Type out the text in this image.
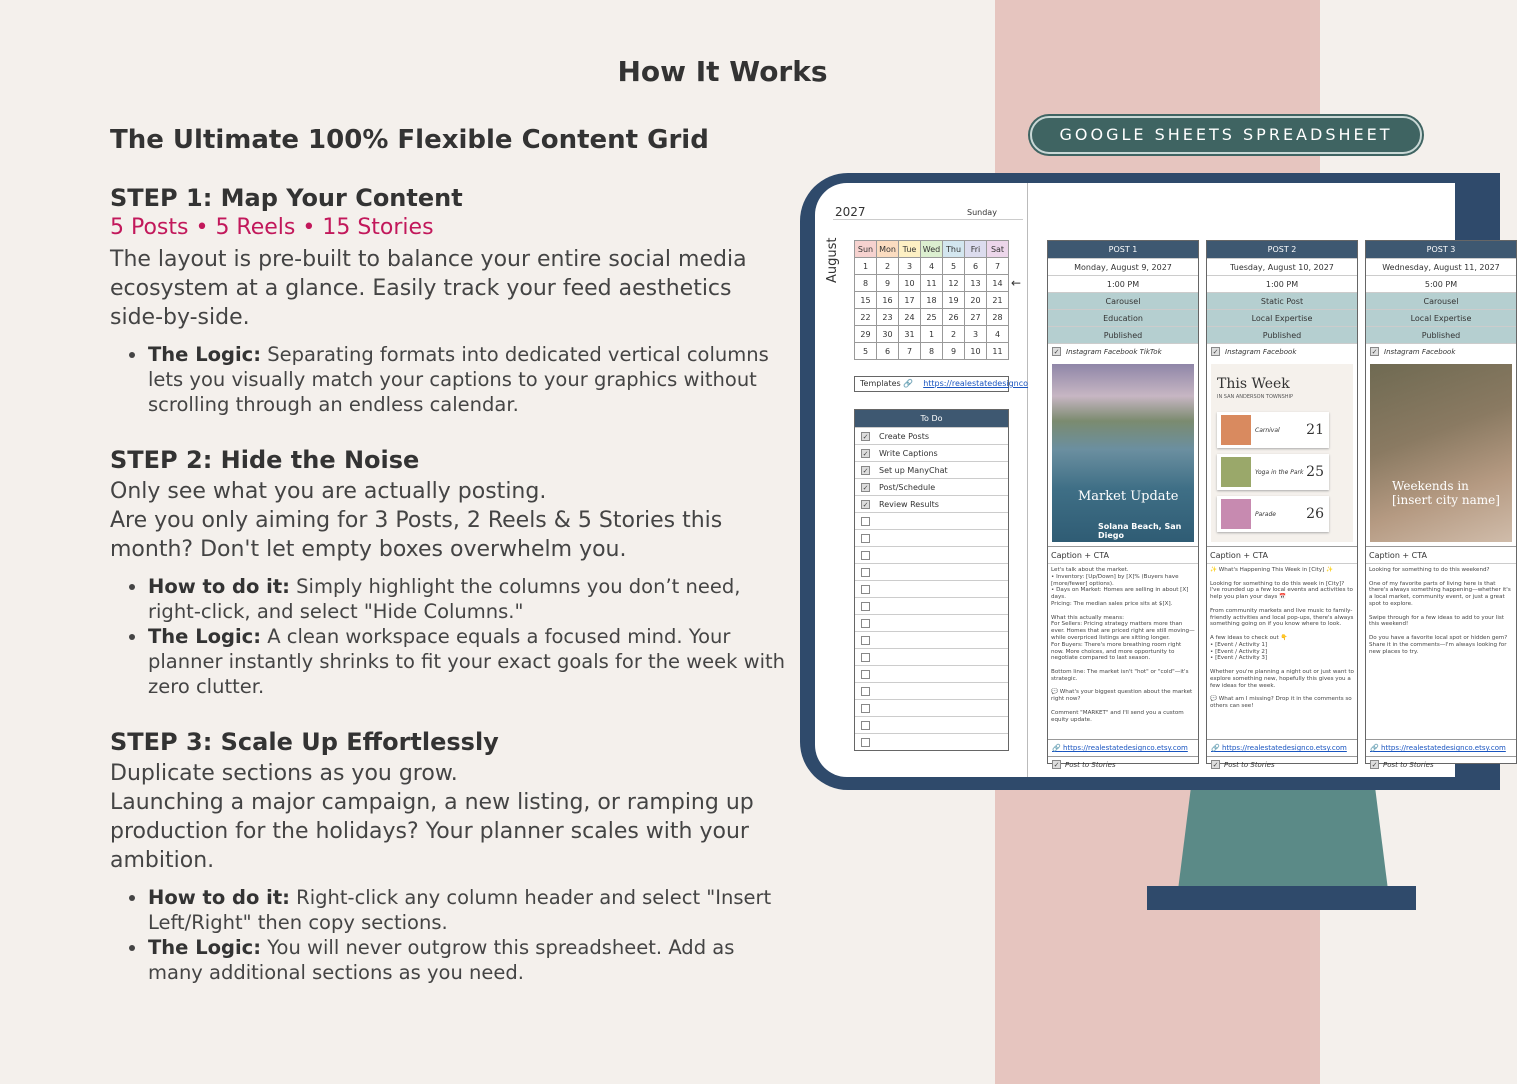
How It Works
The Ultimate 100% Flexible Content Grid
STEP 1: Map Your Content
5 Posts • 5 Reels • 15 Stories
The layout is pre-built to balance your entire social media ecosystem at a glance. Easily track your feed aesthetics side-by-side.
• The Logic: Separating formats into dedicated vertical columns lets you visually match your captions to your graphics without scrolling through an endless calendar.
STEP 2: Hide the Noise
Only see what you are actually posting.
Are you only aiming for 3 Posts, 2 Reels & 5 Stories this month? Don't let empty boxes overwhelm you.
• How to do it: Simply highlight the columns you don’t need, right-click, and select "Hide Columns."
• The Logic: A clean workspace equals a focused mind. Your planner instantly shrinks to fit your exact goals for the week with zero clutter.
STEP 3: Scale Up Effortlessly
Duplicate sections as you grow.
Launching a major campaign, a new listing, or ramping up production for the holidays? Your planner scales with your ambition.
• How to do it: Right-click any column header and select "Insert Left/Right" then copy sections.
• The Logic: You will never outgrow this spreadsheet. Add as many additional sections as you need.
GOOGLE SHEETS SPREADSHEET
2027	Sunday
August Sun	Mon	Tue	Wed	Thu	Fri	Sat
1	2	3	4	5	6	7
8	9	10	11	12	13	14
15	16	17	18	19	20	21
22	23	24	25	26	27	28
29	30	31	1	2	3	4
5	6	7	8	9	10	11
←
Templates 🔗 https://realestatedesignco
To Do
✓ Create Posts
✓ Write Captions
✓ Set up ManyChat
✓ Post/Schedule
✓ Review Results
POST 1
Monday, August 9, 2027
1:00 PM
Carousel
Education
Published
✓ Instagram Facebook TikTok
Market Update
Solana Beach, San Diego
Caption + CTA
Let's talk about the market.
• Inventory: [Up/Down] by [X]% (Buyers have [more/fewer] options).
• Days on Market: Homes are selling in about [X] days.
Pricing: The median sales price sits at $[X].

What this actually means:
For Sellers: Pricing strategy matters more than ever. Homes that are priced right are still moving—while overpriced listings are sitting longer.
For Buyers: There's more breathing room right now. More choices, and more opportunity to negotiate compared to last season.

Bottom line: The market isn't "hot" or "cold"—it's strategic.

💬 What's your biggest question about the market right now?

Comment "MARKET" and I'll send you a custom equity update.
🔗 https://realestatedesignco.etsy.com
✓ Post to Stories
POST 2
Tuesday, August 10, 2027
1:00 PM
Static Post
Local Expertise
Published
✓ Instagram Facebook
This Week
IN SAN ANDERSON TOWNSHIP
Carnival	21
Yoga in the Park 25
Parade	26
Caption + CTA
✨ What's Happening This Week in [City] ✨

Looking for something to do this week in [City]? I've rounded up a few local events and activities to help you plan your days 📅

From community markets and live music to family-friendly activities and local pop-ups, there's always something going on if you know where to look.

A few ideas to check out 👇
• [Event / Activity 1]
• [Event / Activity 2]
• [Event / Activity 3]

Whether you're planning a night out or just want to explore something new, hopefully this gives you a few ideas for the week.

💬 What am I missing? Drop it in the comments so others can see!
🔗 https://realestatedesignco.etsy.com
✓ Post to Stories
POST 3
Wednesday, August 11, 2027
5:00 PM
Carousel
Local Expertise
Published
✓ Instagram Facebook
Weekends in [insert city name]
Caption + CTA
Looking for something to do this weekend?

One of my favorite parts of living here is that there's always something happening—whether it's a local market, community event, or just a great spot to explore.

Swipe through for a few ideas to add to your list this weekend!

Do you have a favorite local spot or hidden gem? Share it in the comments—I'm always looking for new places to try.
🔗 https://realestatedesignco.etsy.com
✓ Post to Stories
